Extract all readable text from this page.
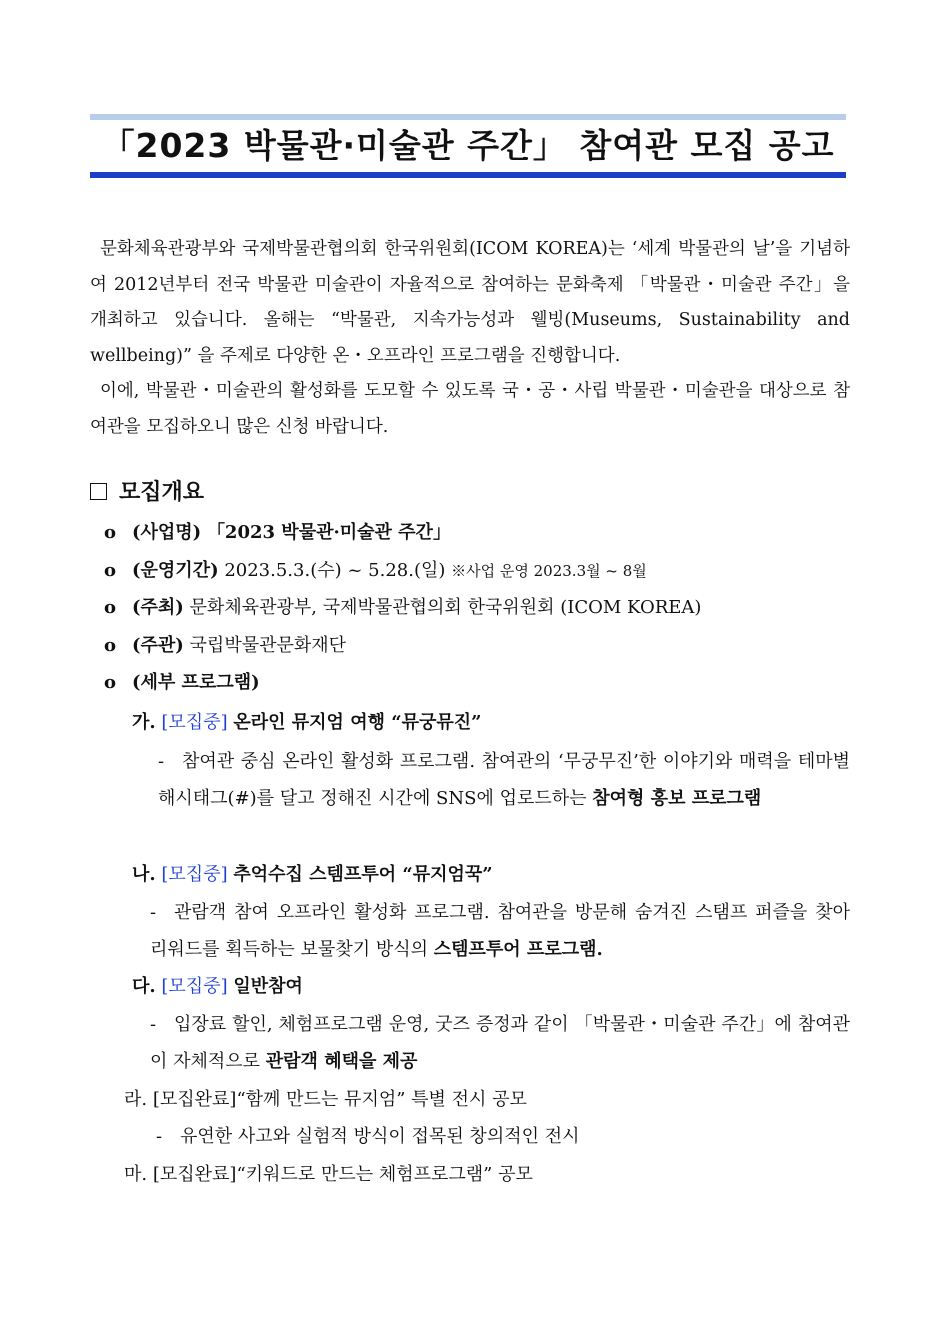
「2023 박물관·미술관 주간」 참여관 모집 공고

문화체육관광부와 국제박물관협의회 한국위원회(ICOM KOREA)는 ‘세계 박물관의 날’을 기념하여 2012년부터 전국 박물관 미술관이 자율적으로 참여하는 문화축제 「박물관・미술관 주간」을 개최하고 있습니다. 올해는 “박물관, 지속가능성과 웰빙(Museums, Sustainability and wellbeing)” 을 주제로 다양한 온・오프라인 프로그램을 진행합니다.

이에, 박물관・미술관의 활성화를 도모할 수 있도록 국・공・사립 박물관・미술관을 대상으로 참여관을 모집하오니 많은 신청 바랍니다.

모집개요
o (사업명) 「2023 박물관·미술관 주간」
o (운영기간) 2023.5.3.(수) ~ 5.28.(일) ※사업 운영 2023.3월 ~ 8월
o (주최) 문화체육관광부, 국제박물관협의회 한국위원회 (ICOM KOREA)
o (주관) 국립박물관문화재단
o (세부 프로그램)
가. [모집중] 온라인 뮤지엄 여행 “뮤궁뮤진”
- 참여관 중심 온라인 활성화 프로그램. 참여관의 ‘무궁무진’한 이야기와 매력을 테마별 해시태그(#)를 달고 정해진 시간에 SNS에 업로드하는 참여형 홍보 프로그램
나. [모집중] 추억수집 스템프투어 “뮤지엄꾹”
- 관람객 참여 오프라인 활성화 프로그램. 참여관을 방문해 숨겨진 스탬프 퍼즐을 찾아 리워드를 획득하는 보물찾기 방식의 스템프투어 프로그램.
다. [모집중] 일반참여
- 입장료 할인, 체험프로그램 운영, 굿즈 증정과 같이 「박물관・미술관 주간」에 참여관이 자체적으로 관람객 혜택을 제공
라. [모집완료]“함께 만드는 뮤지엄” 특별 전시 공모
- 유연한 사고와 실험적 방식이 접목된 창의적인 전시
마. [모집완료]“키워드로 만드는 체험프로그램” 공모
